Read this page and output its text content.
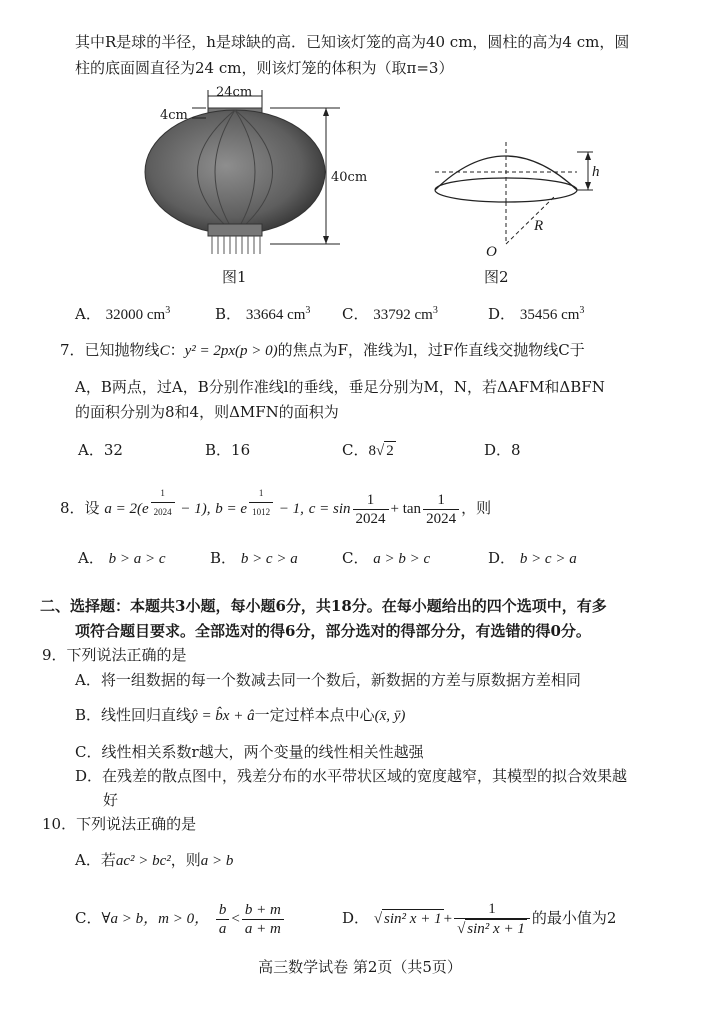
其中R是球的半径，h是球缺的高．已知该灯笼的高为40 cm，圆柱的高为4 cm，圆
柱的底面圆直径为24 cm，则该灯笼的体积为（取π=3）
24cm
4cm
40cm
图1
h
R
O
图2
A． 32000 $cm^3$	B． 33664 $cm^3$ C． 33792 $cm^3$	D． 35456 $cm^3$
7．已知抛物线C：y² = 2px(p > 0)的焦点为F，准线为l，过F作直线交抛物线C于
A，B两点，过A，B分别作准线l的垂线，垂足分别为M，N，若ΔAFM和ΔBFN
的面积分别为8和4，则ΔMFN的面积为
A．32	B．16	C．8√ 2	D．8
8．设 $a = 2(e \frac{1}{2024} - 1)$, b = e $\frac{1}{1012} - 1$, $c = \sin \frac{1}{2024} + \tan \frac{1}{2024}$ ，则
A． b > a > c	B． b > c > a	C． a > b > c	D． b > c > a
二、选择题：本题共3小题，每小题6分，共18分。在每小题给出的四个选项中，有多
项符合题目要求。全部选对的得6分，部分选对的得部分分，有选错的得0分。
9．下列说法正确的是
A．将一组数据的每一个数减去同一个数后，新数据的方差与原数据方差相同
B．线性回归直线ŷ = b̂x + â一定过样本点中心(x̄, ȳ)
C．线性相关系数r越大，两个变量的线性相关性越强
D．在残差的散点图中，残差分布的水平带状区域的宽度越窄，其模型的拟合效果越
好
10．下列说法正确的是
A．若ac² > bc²，则a > b
C．∀a > b，m > 0， $\frac{b}{a} < \frac{b + m}{a + m}$	D． √ sin² $x + 1 + \frac{1}{\text{√ sin² x + 1}}$ 的最小值为2
高三数学试卷 第2页（共5页）
